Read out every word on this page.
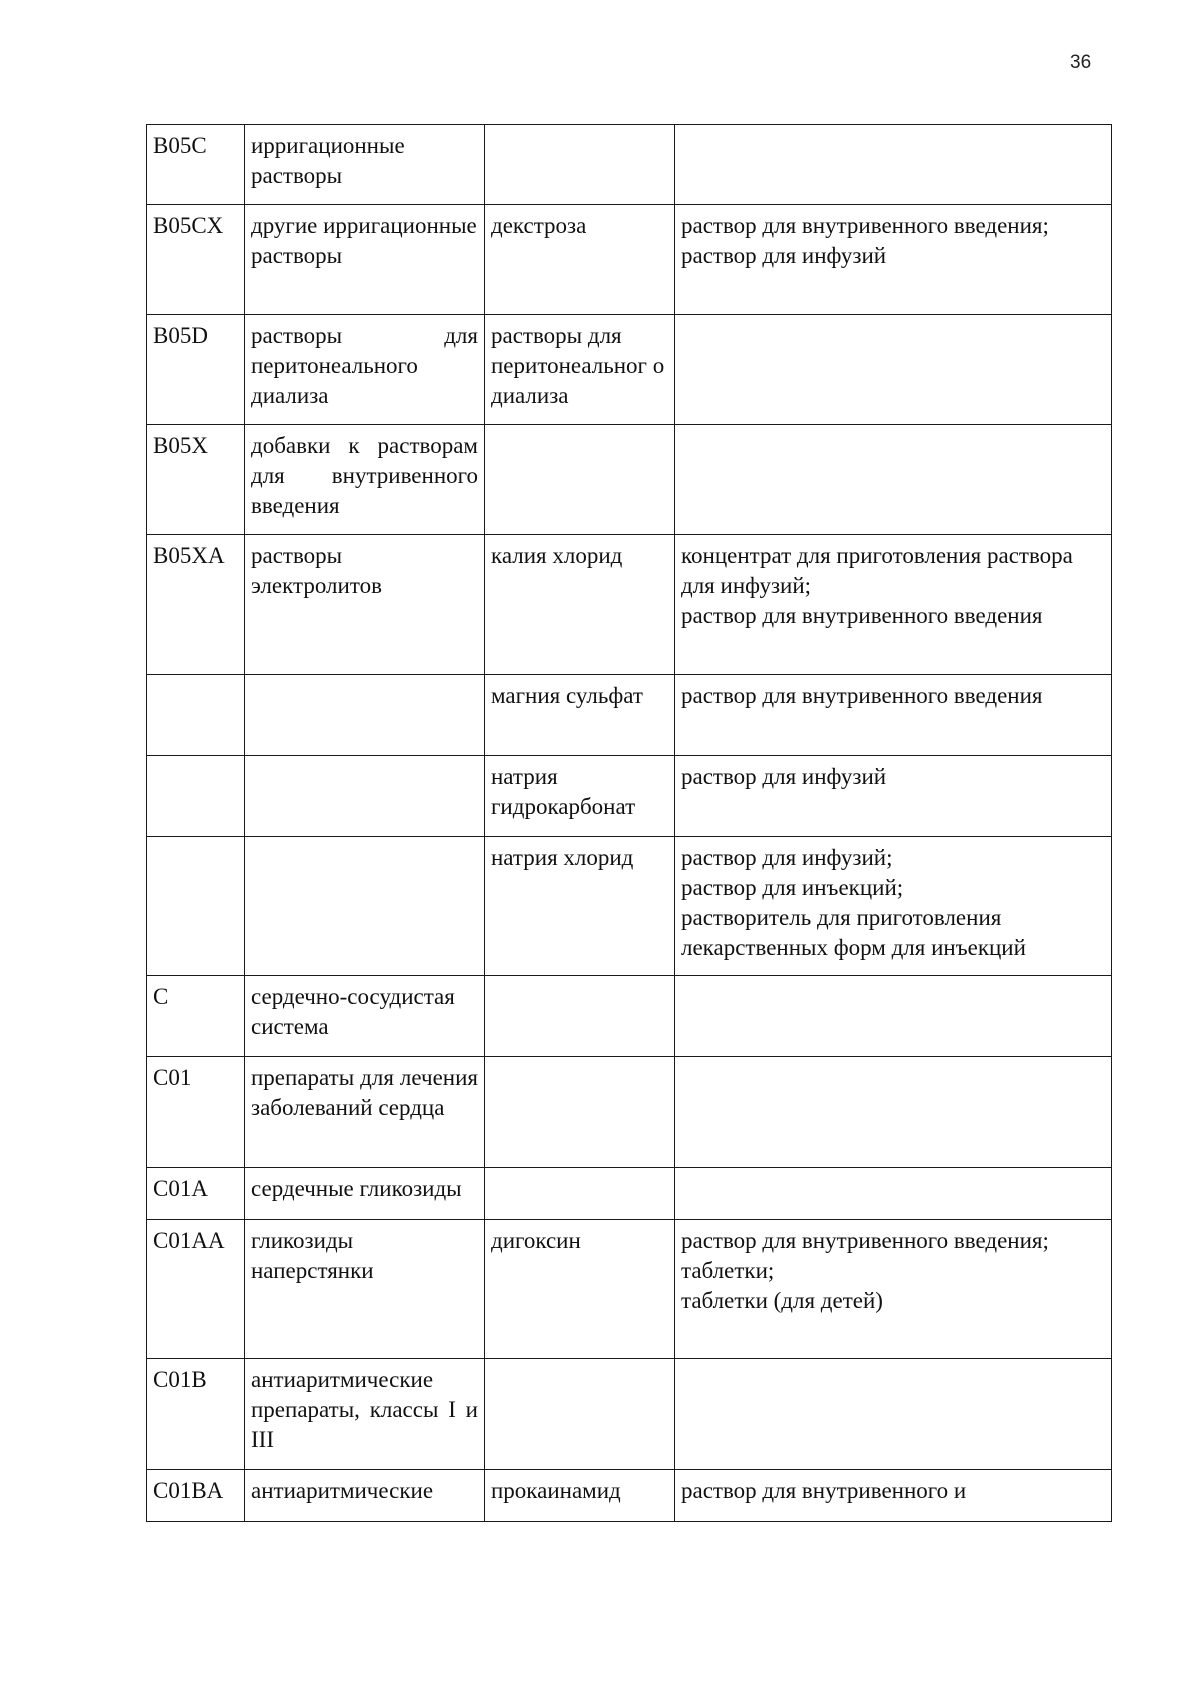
36
B05C	ирригационные растворы		
B05CX	другие ирригационные растворы	декстроза	раствор для внутривенного введения;
раствор для инфузий
B05D	растворы для перитонеального диализа	растворы для перитонеальног о диализа	
B05X	добавки к растворам для внутривенного введения		
B05XA	растворы электролитов	калия хлорид	концентрат для приготовления раствора для инфузий;
раствор для внутривенного введения
		магния сульфат	раствор для внутривенного введения
		натрия гидрокарбонат	раствор для инфузий
		натрия хлорид	раствор для инфузий;
раствор для инъекций;
растворитель для приготовления лекарственных форм для инъекций
C	сердечно-сосудистая система		
C01	препараты для лечения заболеваний сердца		
C01A	сердечные гликозиды		
C01AA	гликозиды наперстянки	дигоксин	раствор для внутривенного введения;
таблетки;
таблетки (для детей)
C01B	антиаритмические препараты, классы I и III		
C01BA	антиаритмические	прокаинамид	раствор для внутривенного и
